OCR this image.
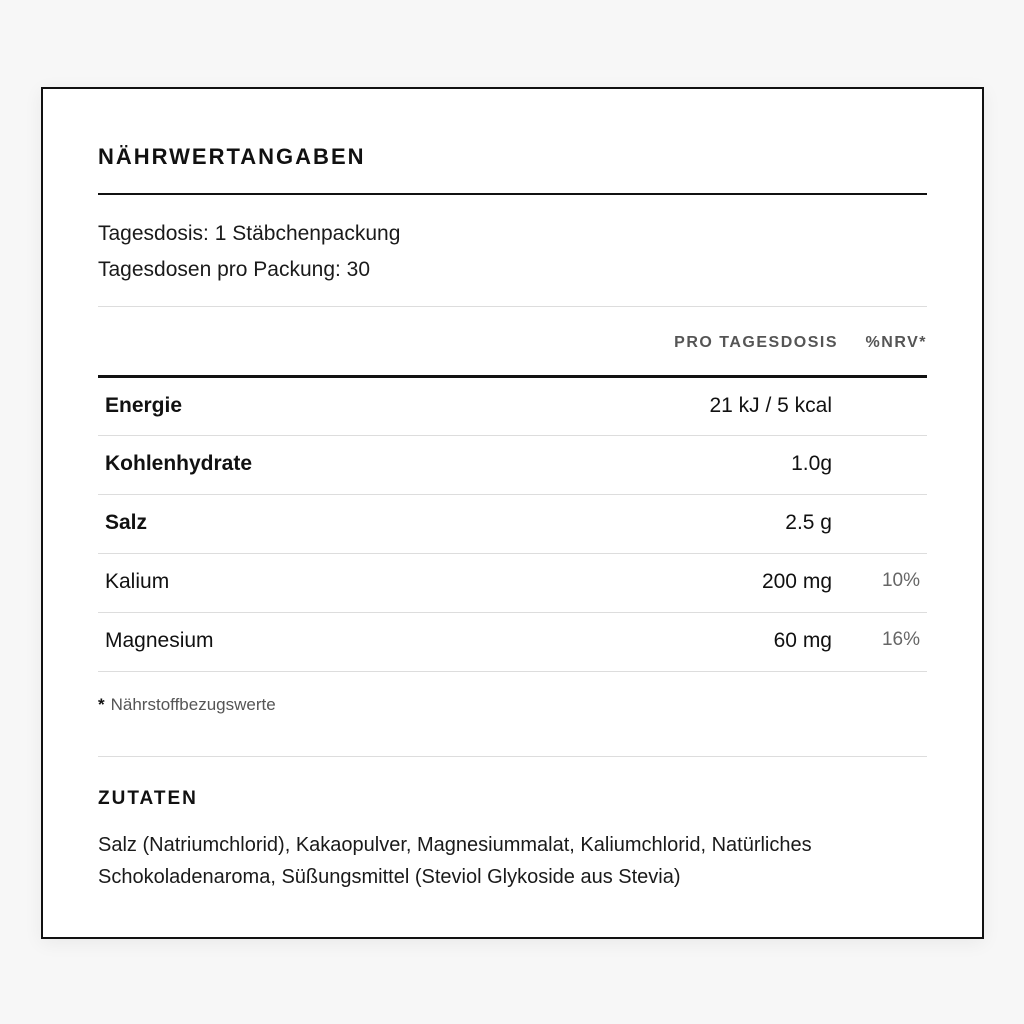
NÄHRWERTANGABEN
Tagesdosis: 1 Stäbchenpackung
Tagesdosen pro Packung: 30
PRO TAGESDOSIS %NRV*
Energie	21 kJ / 5 kcal
Kohlenhydrate	1.0g
Salz	2.5 g
Kalium	200 mg	10%
Magnesium	60 mg	16%
* Nährstoffbezugswerte
ZUTATEN

Salz (Natriumchlorid), Kakaopulver, Magnesiummalat, Kaliumchlorid, Natürliches Schokoladenaroma, Süßungsmittel (Steviol Glykoside aus Stevia)
